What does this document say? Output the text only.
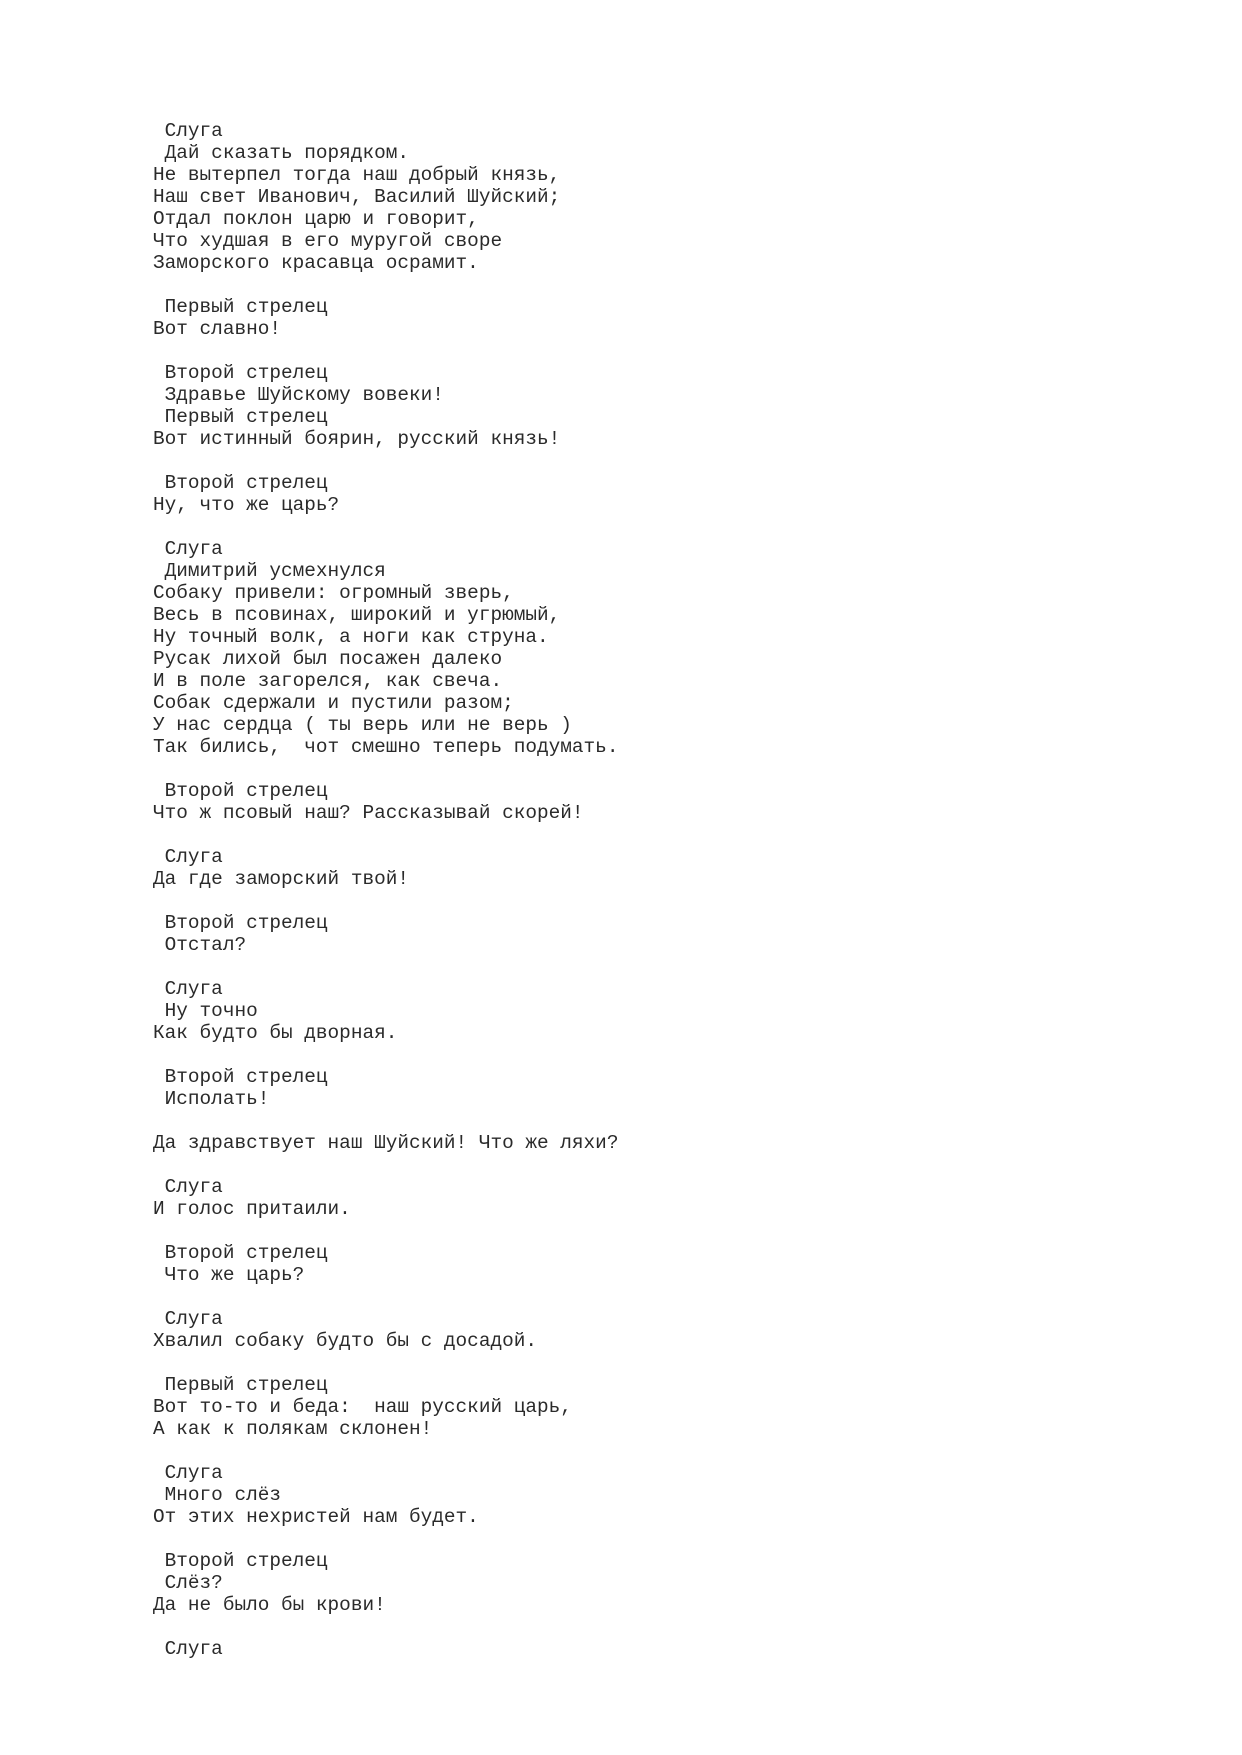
Слуга
Дай сказать порядком.
Не вытерпел тогда наш добрый князь,
Наш свет Иванович, Василий Шуйский;
Отдал поклон царю и говорит,
Что худшая в его муругой своре
Заморского красавца осрамит.
Первый стрелец
Вот славно!
Второй стрелец
Здравье Шуйскому вовеки!
Первый стрелец
Вот истинный боярин, русский князь!
Второй стрелец
Ну, что же царь?
Слуга
Димитрий усмехнулся
Собаку привели: огромный зверь,
Весь в псовинах, широкий и угрюмый,
Ну точный волк, а ноги как струна.
Русак лихой был посажен далеко
И в поле загорелся, как свеча.
Собак сдержали и пустили разом;
У нас сердца ( ты верь или не верь )
Так бились,  чот смешно теперь подумать.
Второй стрелец
Что ж псовый наш? Рассказывай скорей!
Слуга
Да где заморский твой!
Второй стрелец
Отстал?
Слуга
Ну точно
Как будто бы дворная.
Второй стрелец
Исполать!
Да здравствует наш Шуйский! Что же ляхи?
Слуга
И голос притаили.
Второй стрелец
Что же царь?
Слуга
Хвалил собаку будто бы с досадой.
Первый стрелец
Вот то-то и беда:  наш русский царь,
А как к полякам склонен!
Слуга
Много слёз
От этих нехристей нам будет.
Второй стрелец
Слёз?
Да не было бы крови!
Слуга
